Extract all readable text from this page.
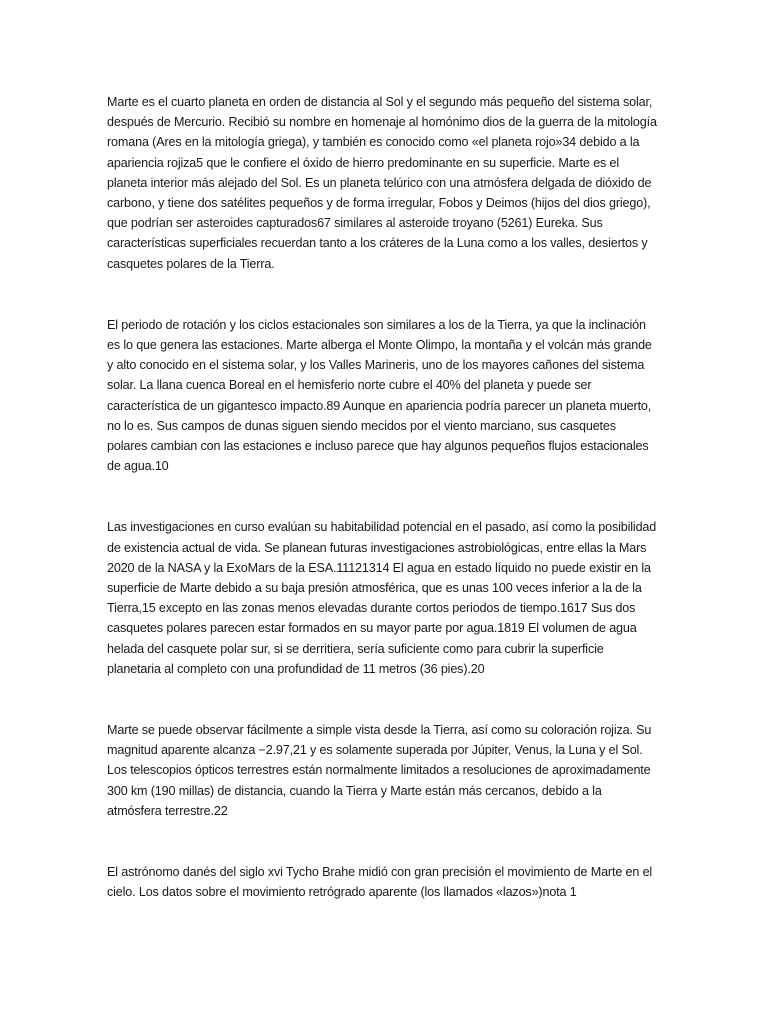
Marte es el cuarto planeta en orden de distancia al Sol y el segundo más pequeño del sistema solar, después de Mercurio. Recibió su nombre en homenaje al homónimo dios de la guerra de la mitología romana (Ares en la mitología griega), y también es conocido como «el planeta rojo»34 debido a la apariencia rojiza5 que le confiere el óxido de hierro predominante en su superficie. Marte es el planeta interior más alejado del Sol. Es un planeta telúrico con una atmósfera delgada de dióxido de carbono, y tiene dos satélites pequeños y de forma irregular, Fobos y Deimos (hijos del dios griego), que podrían ser asteroides capturados67 similares al asteroide troyano (5261) Eureka. Sus características superficiales recuerdan tanto a los cráteres de la Luna como a los valles, desiertos y casquetes polares de la Tierra.

El periodo de rotación y los ciclos estacionales son similares a los de la Tierra, ya que la inclinación es lo que genera las estaciones. Marte alberga el Monte Olimpo, la montaña y el volcán más grande y alto conocido en el sistema solar, y los Valles Marineris, uno de los mayores cañones del sistema solar. La llana cuenca Boreal en el hemisferio norte cubre el 40% del planeta y puede ser característica de un gigantesco impacto.89 Aunque en apariencia podría parecer un planeta muerto, no lo es. Sus campos de dunas siguen siendo mecidos por el viento marciano, sus casquetes polares cambian con las estaciones e incluso parece que hay algunos pequeños flujos estacionales de agua.10

Las investigaciones en curso evalúan su habitabilidad potencial en el pasado, así como la posibilidad de existencia actual de vida. Se planean futuras investigaciones astrobiológicas, entre ellas la Mars 2020 de la NASA y la ExoMars de la ESA.11121314 El agua en estado líquido no puede existir en la superficie de Marte debido a su baja presión atmosférica, que es unas 100 veces inferior a la de la Tierra,15 excepto en las zonas menos elevadas durante cortos periodos de tiempo.1617 Sus dos casquetes polares parecen estar formados en su mayor parte por agua.1819 El volumen de agua helada del casquete polar sur, si se derritiera, sería suficiente como para cubrir la superficie planetaria al completo con una profundidad de 11 metros (36 pies).20

Marte se puede observar fácilmente a simple vista desde la Tierra, así como su coloración rojiza. Su magnitud aparente alcanza −2.97,21 y es solamente superada por Júpiter, Venus, la Luna y el Sol. Los telescopios ópticos terrestres están normalmente limitados a resoluciones de aproximadamente 300 km (190 millas) de distancia, cuando la Tierra y Marte están más cercanos, debido a la atmósfera terrestre.22

El astrónomo danés del siglo xvi Tycho Brahe midió con gran precisión el movimiento de Marte en el cielo. Los datos sobre el movimiento retrógrado aparente (los llamados «lazos»)nota 1
